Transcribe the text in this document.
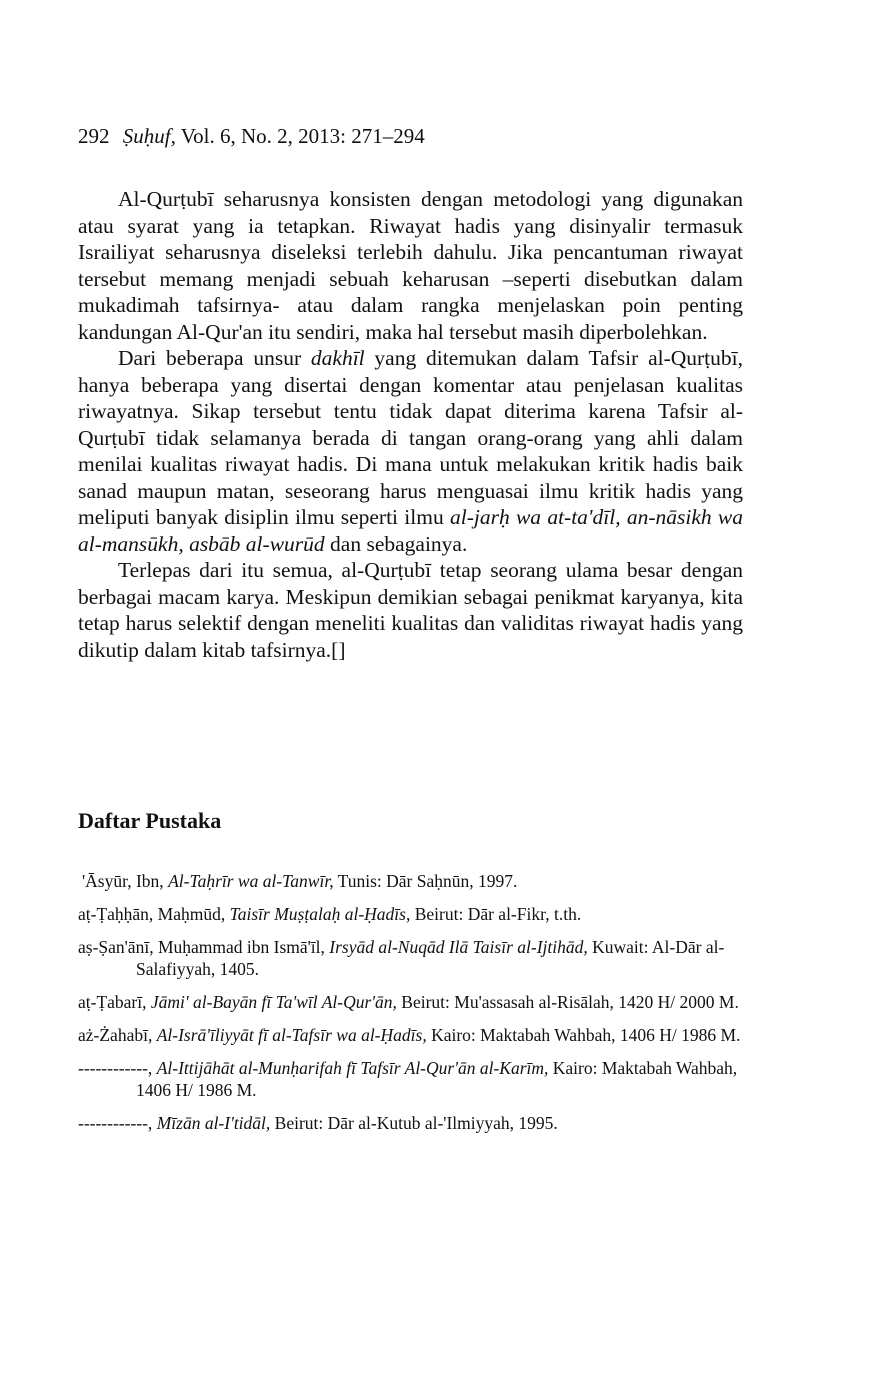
292 Ṣuḥuf, Vol. 6, No. 2, 2013: 271–294

Al-Qurṭubī seharusnya konsisten dengan metodologi yang digunakan atau syarat yang ia tetapkan. Riwayat hadis yang disinyalir termasuk Israiliyat seharusnya diseleksi terlebih dahulu. Jika pencantuman riwayat tersebut memang menjadi sebuah keharusan –seperti disebutkan dalam mukadimah tafsirnya- atau dalam rangka menjelaskan poin penting kandungan Al-Qur'an itu sendiri, maka hal tersebut masih diperbolehkan.

Dari beberapa unsur dakhīl yang ditemukan dalam Tafsir al-Qurṭubī, hanya beberapa yang disertai dengan komentar atau penjelasan kualitas riwayatnya. Sikap tersebut tentu tidak dapat diterima karena Tafsir al-Qurṭubī tidak selamanya berada di tangan orang-orang yang ahli dalam menilai kualitas riwayat hadis. Di mana untuk melakukan kritik hadis baik sanad maupun matan, seseorang harus menguasai ilmu kritik hadis yang meliputi banyak disiplin ilmu seperti ilmu al-jarḥ wa at-ta'dīl, an-nāsikh wa al-mansūkh, asbāb al-wurūd dan sebagainya.

Terlepas dari itu semua, al-Qurṭubī tetap seorang ulama besar dengan berbagai macam karya. Meskipun demikian sebagai penikmat karyanya, kita tetap harus selektif dengan meneliti kualitas dan validitas riwayat hadis yang dikutip dalam kitab tafsirnya.[]

Daftar Pustaka
'Āsyūr, Ibn, Al-Taḥrīr wa al-Tanwīr, Tunis: Dār Saḥnūn, 1997.
aṭ-Ṭaḥḥān, Maḥmūd, Taisīr Muṣṭalaḥ al-Ḥadīs, Beirut: Dār al-Fikr, t.th.
aṣ-Ṣan'ānī, Muḥammad ibn Ismā'īl, Irsyād al-Nuqād Ilā Taisīr al-Ijtihād, Kuwait: Al-Dār al-Salafiyyah, 1405.
aṭ-Ṭabarī, Jāmi' al-Bayān fī Ta'wīl Al-Qur'ān, Beirut: Mu'assasah al-Risālah, 1420 H/ 2000 M.
aż-Żahabī, Al-Isrā'īliyyāt fī al-Tafsīr wa al-Ḥadīs, Kairo: Maktabah Wahbah, 1406 H/ 1986 M.
------------, Al-Ittijāhāt al-Munḥarifah fī Tafsīr Al-Qur'ān al-Karīm, Kairo: Maktabah Wahbah, 1406 H/ 1986 M.
------------, Mīzān al-I'tidāl, Beirut: Dār al-Kutub al-'Ilmiyyah, 1995.
